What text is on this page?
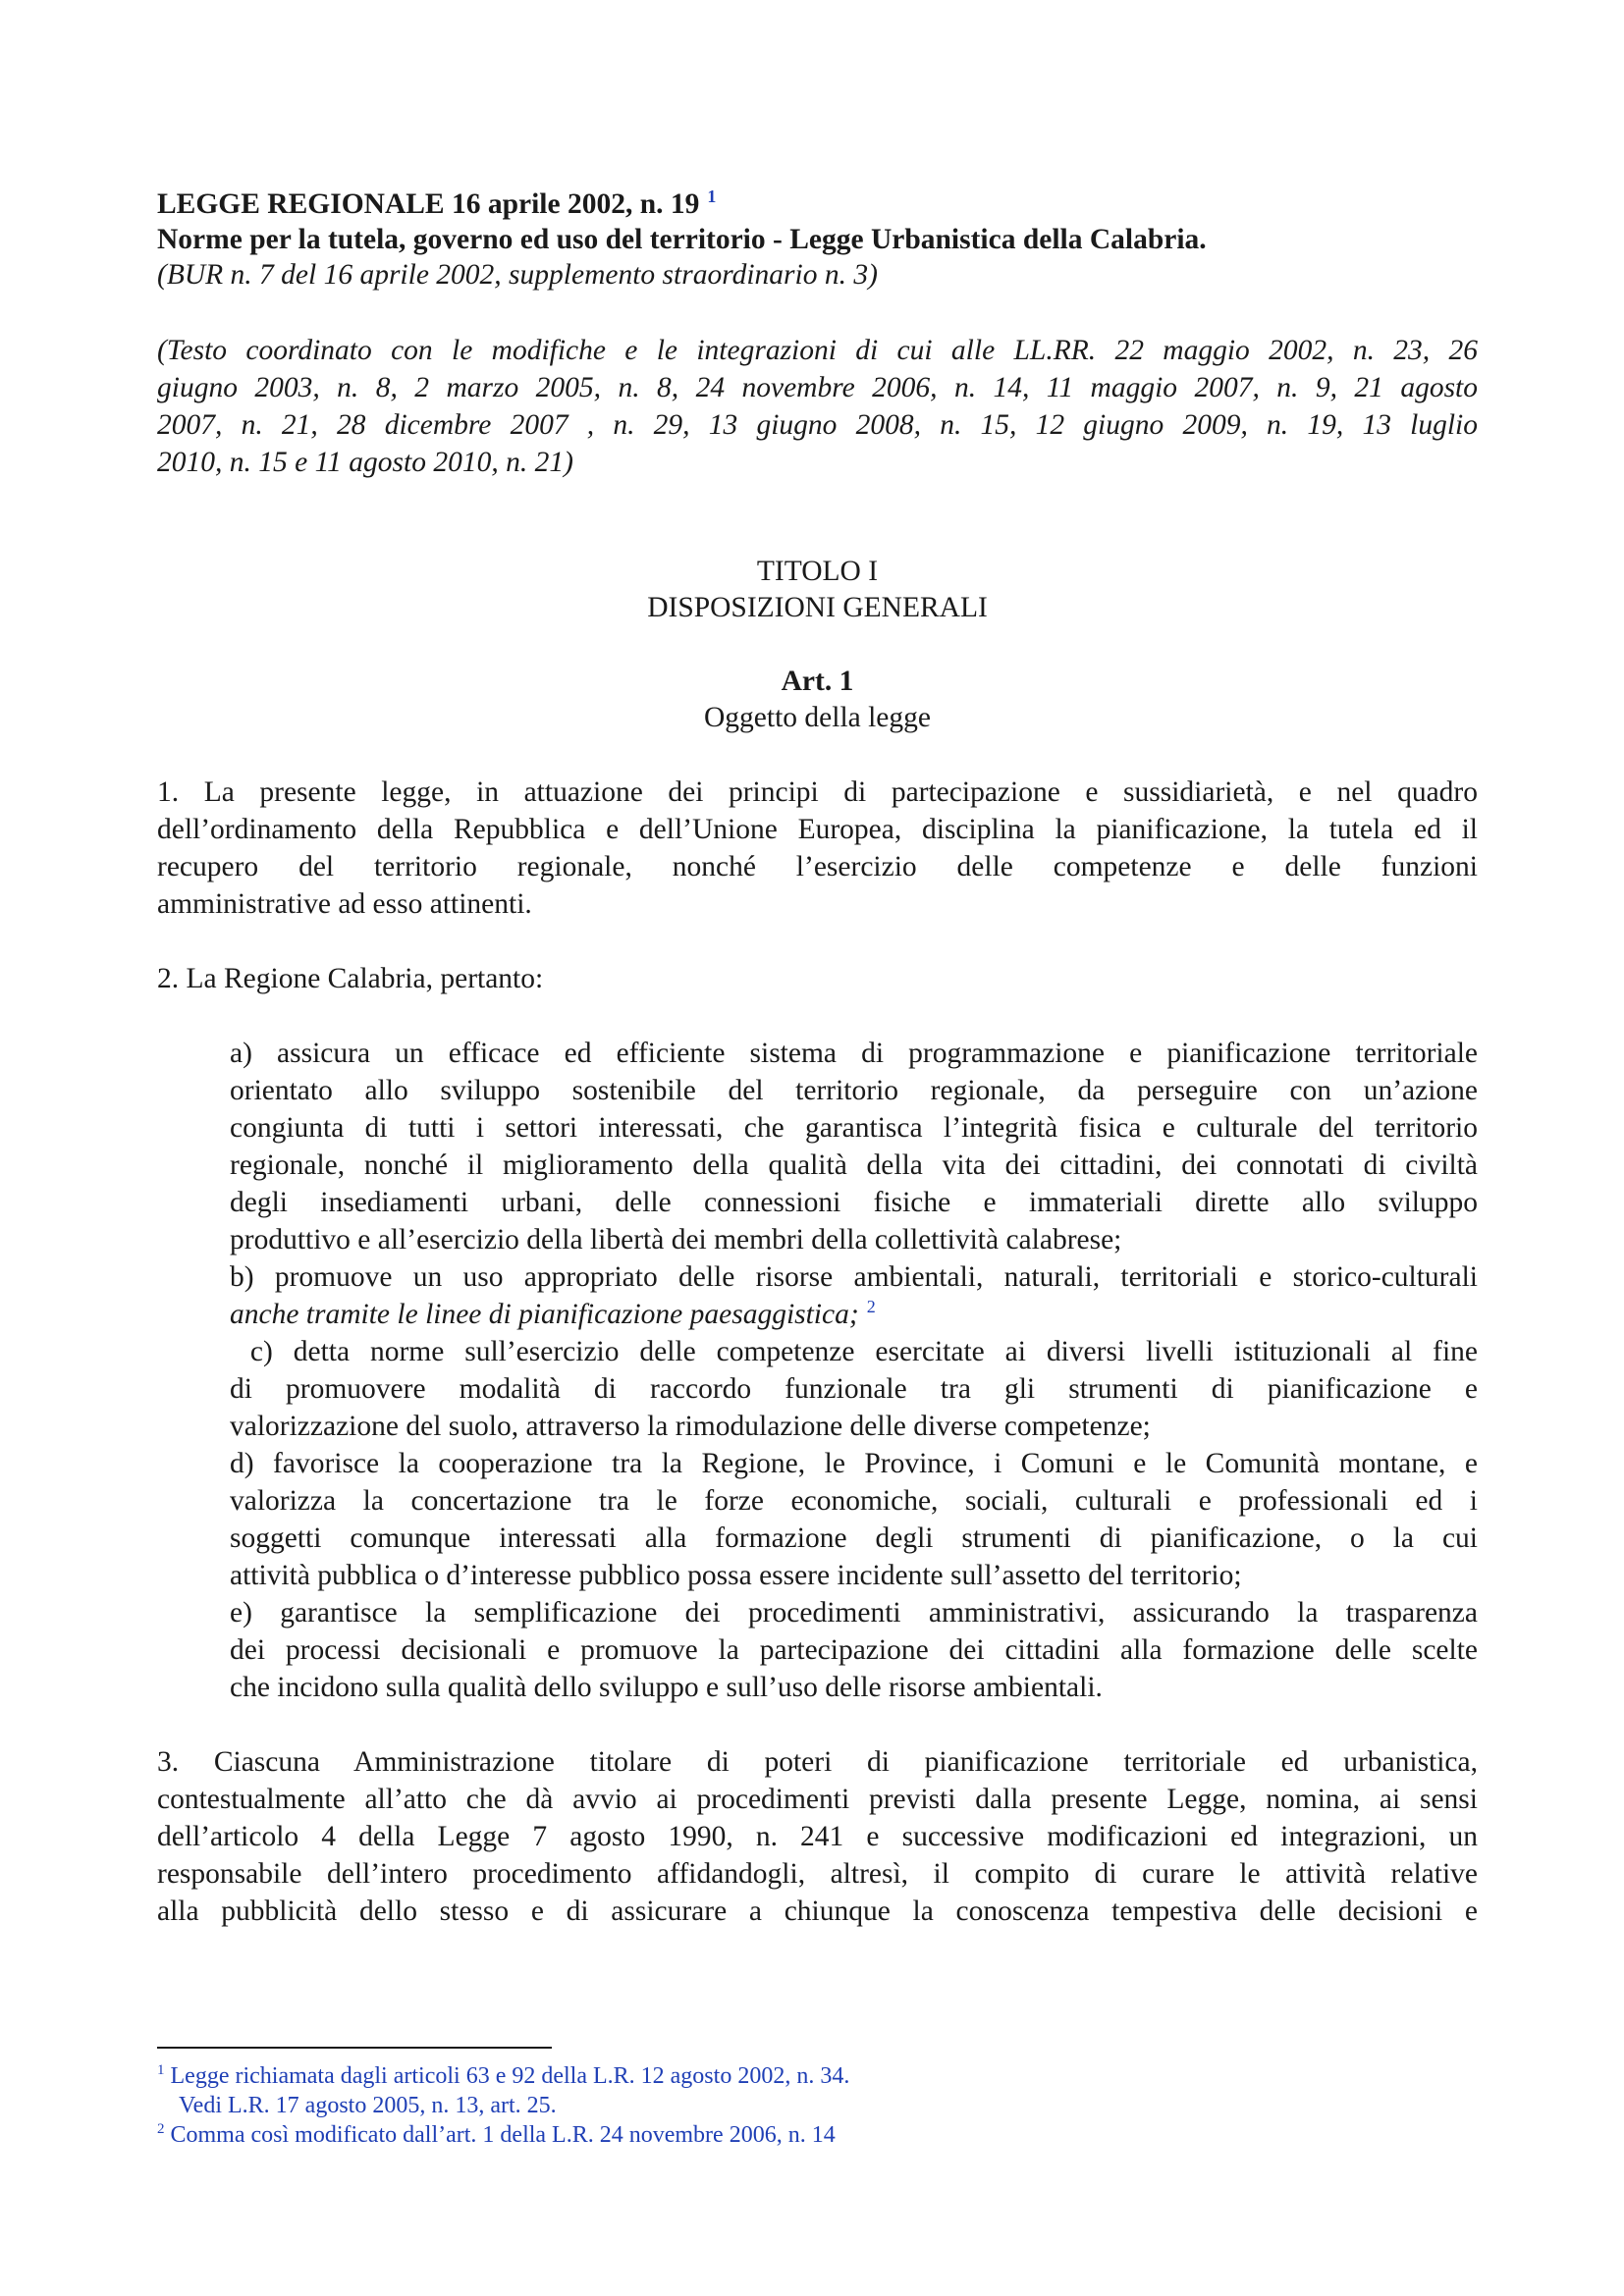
LEGGE REGIONALE 16 aprile 2002, n. 19 $^1$
Norme per la tutela, governo ed uso del territorio - Legge Urbanistica della Calabria.
(BUR n. 7 del 16 aprile 2002, supplemento straordinario n. 3)
(Testo coordinato con le modifiche e le integrazioni di cui alle LL.RR. 22 maggio 2002, n. 23, 26
giugno 2003, n. 8, 2 marzo 2005, n. 8, 24 novembre 2006, n. 14, 11 maggio 2007, n. 9, 21 agosto
2007, n. 21, 28 dicembre 2007 , n. 29, 13 giugno 2008, n. 15, 12 giugno 2009, n. 19, 13 luglio
2010, n. 15 e 11 agosto 2010, n. 21)
TITOLO I
DISPOSIZIONI GENERALI
Art. 1
Oggetto della legge
1. La presente legge, in attuazione dei principi di partecipazione e sussidiarietà, e nel quadro
dell’ordinamento della Repubblica e dell’Unione Europea, disciplina la pianificazione, la tutela ed il
recupero del territorio regionale, nonché l’esercizio delle competenze e delle funzioni
amministrative ad esso attinenti.
2. La Regione Calabria, pertanto:
a) assicura un efficace ed efficiente sistema di programmazione e pianificazione territoriale
orientato allo sviluppo sostenibile del territorio regionale, da perseguire con un’azione
congiunta di tutti i settori interessati, che garantisca l’integrità fisica e culturale del territorio
regionale, nonché il miglioramento della qualità della vita dei cittadini, dei connotati di civiltà
degli insediamenti urbani, delle connessioni fisiche e immateriali dirette allo sviluppo
produttivo e all’esercizio della libertà dei membri della collettività calabrese;
b) promuove un uso appropriato delle risorse ambientali, naturali, territoriali e storico-culturali
anche tramite le linee di pianificazione paesaggistica; $^2$
c) detta norme sull’esercizio delle competenze esercitate ai diversi livelli istituzionali al fine
di promuovere modalità di raccordo funzionale tra gli strumenti di pianificazione e
valorizzazione del suolo, attraverso la rimodulazione delle diverse competenze;
d) favorisce la cooperazione tra la Regione, le Province, i Comuni e le Comunità montane, e
valorizza la concertazione tra le forze economiche, sociali, culturali e professionali ed i
soggetti comunque interessati alla formazione degli strumenti di pianificazione, o la cui
attività pubblica o d’interesse pubblico possa essere incidente sull’assetto del territorio;
e) garantisce la semplificazione dei procedimenti amministrativi, assicurando la trasparenza
dei processi decisionali e promuove la partecipazione dei cittadini alla formazione delle scelte
che incidono sulla qualità dello sviluppo e sull’uso delle risorse ambientali.
3. Ciascuna Amministrazione titolare di poteri di pianificazione territoriale ed urbanistica,
contestualmente all’atto che dà avvio ai procedimenti previsti dalla presente Legge, nomina, ai sensi
dell’articolo 4 della Legge 7 agosto 1990, n. 241 e successive modificazioni ed integrazioni, un
responsabile dell’intero procedimento affidandogli, altresì, il compito di curare le attività relative
alla pubblicità dello stesso e di assicurare a chiunque la conoscenza tempestiva delle decisioni e
$^1$ Legge richiamata dagli articoli 63 e 92 della L.R. 12 agosto 2002, n. 34.
Vedi L.R. 17 agosto 2005, n. 13, art. 25.
$^2$ Comma così modificato dall’art. 1 della L.R. 24 novembre 2006, n. 14
